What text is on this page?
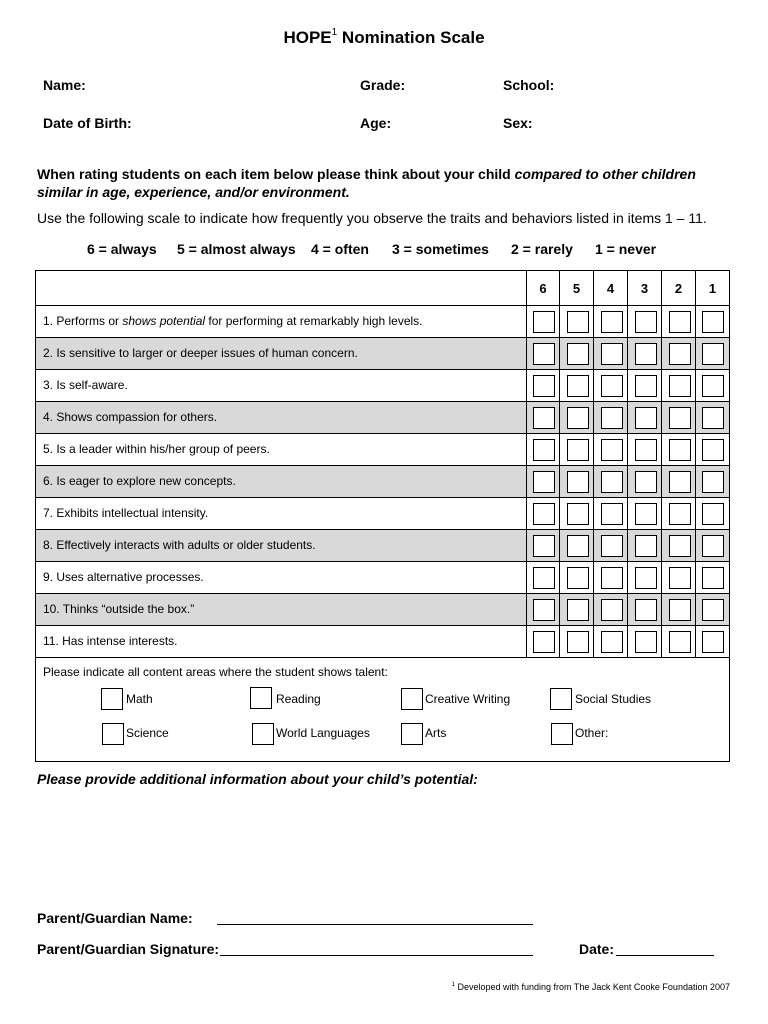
HOPE$^1$ Nomination Scale
Name:	Grade:	School:
Date of Birth:	Age:	Sex:
When rating students on each item below please think about your child compared to other children similar in age, experience, and/or environment.
Use the following scale to indicate how frequently you observe the traits and behaviors listed in items 1 – 11.
6 = always 5 = almost always 4 = often 3 = sometimes 2 = rarely 1 = never
6	5	4	3	2	1
1. Performs or shows potential for performing at remarkably high levels.
2. Is sensitive to larger or deeper issues of human concern.
3. Is self-aware.
4. Shows compassion for others.
5. Is a leader within his/her group of peers.
6. Is eager to explore new concepts.
7. Exhibits intellectual intensity.
8. Effectively interacts with adults or older students.
9. Uses alternative processes.
10. Thinks “outside the box.”
11. Has intense interests.
Please indicate all content areas where the student shows talent:
Math	Reading	Creative Writing	Social Studies
Science	World Languages	Arts	Other:
Please provide additional information about your child’s potential:
Parent/Guardian Name:
Parent/Guardian Signature:	Date:
$^1$ Developed with funding from The Jack Kent Cooke Foundation 2007
